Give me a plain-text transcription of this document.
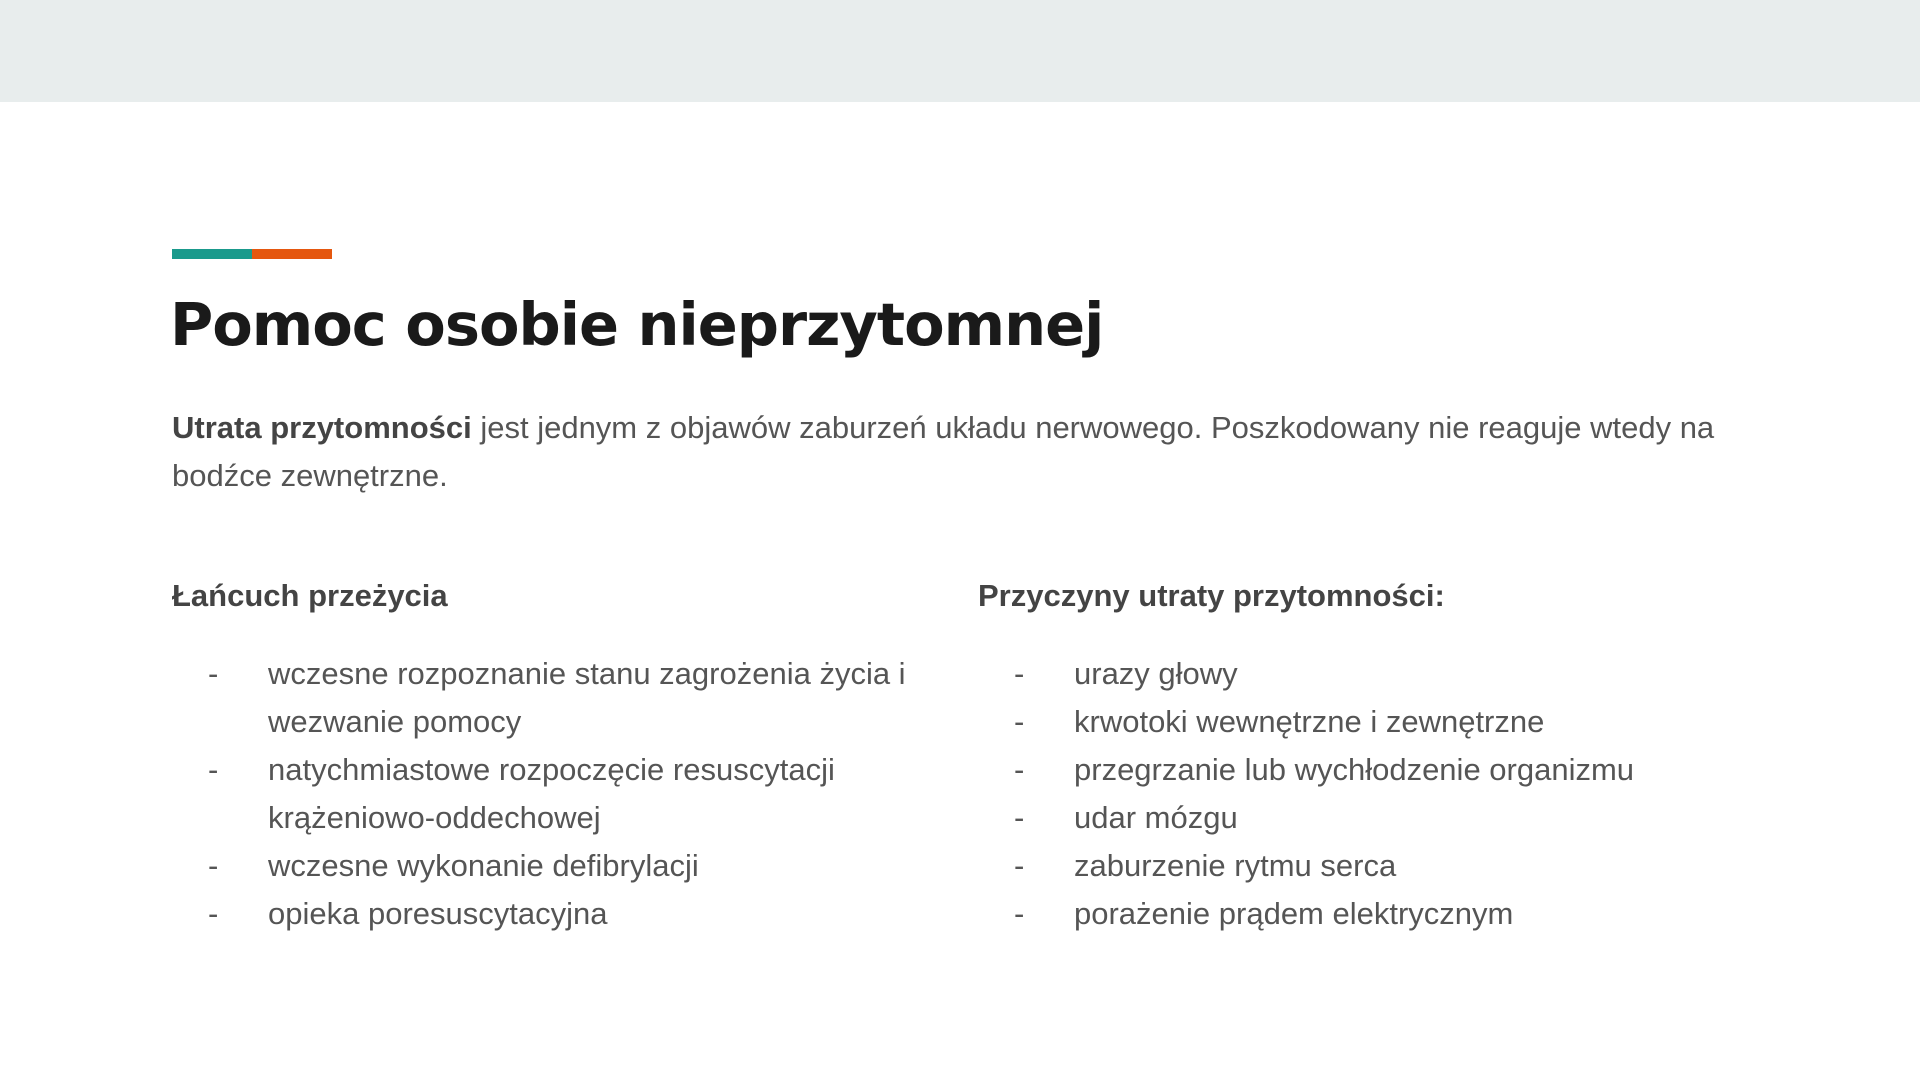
Pomoc osobie nieprzytomnej

Utrata przytomności jest jednym z objawów zaburzeń układu nerwowego. Poszkodowany nie reaguje wtedy na bodźce zewnętrzne.

Łańcuch przeżycia
-	wczesne rozpoznanie stanu zagrożenia życia i wezwanie pomocy
-	natychmiastowe rozpoczęcie resuscytacji krążeniowo-oddechowej
-	wczesne wykonanie defibrylacji
-	opieka poresuscytacyjna
Przyczyny utraty przytomności:
-	urazy głowy
-	krwotoki wewnętrzne i zewnętrzne
-	przegrzanie lub wychłodzenie organizmu
-	udar mózgu
-	zaburzenie rytmu serca
-	porażenie prądem elektrycznym
